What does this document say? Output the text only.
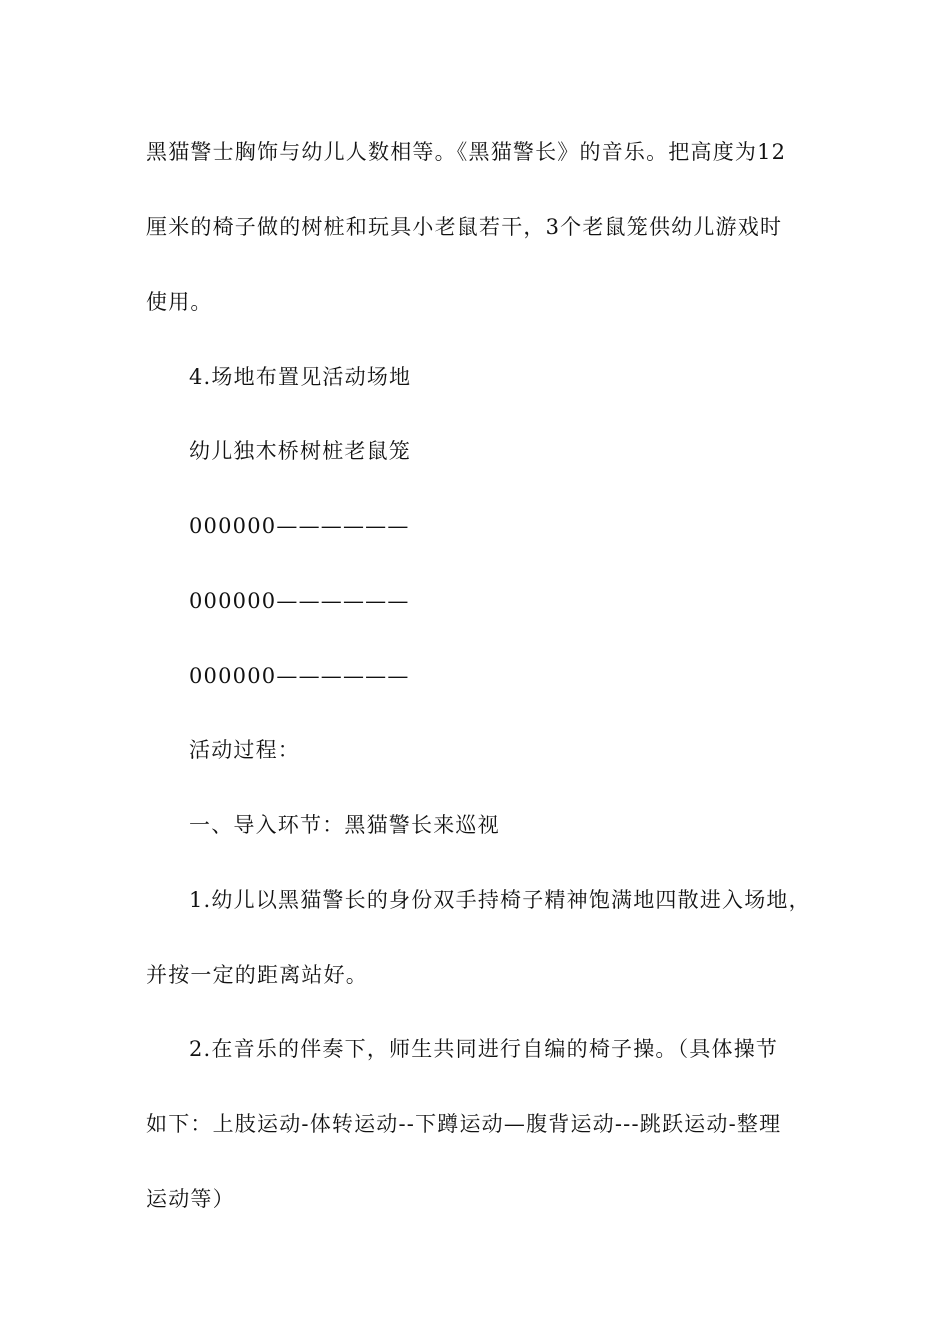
黑猫警士胸饰与幼儿人数相等。《黑猫警长》的音乐。把高度为12
厘米的椅子做的树桩和玩具小老鼠若干，3个老鼠笼供幼儿游戏时
使用。
4.场地布置见活动场地
幼儿独木桥树桩老鼠笼
000000——————
000000——————
000000——————
活动过程：
一、导入环节：黑猫警长来巡视
1.幼儿以黑猫警长的身份双手持椅子精神饱满地四散进入场地，
并按一定的距离站好。
2.在音乐的伴奏下，师生共同进行自编的椅子操。（具体操节
如下：上肢运动-体转运动--下蹲运动—腹背运动---跳跃运动-整理
运动等）
